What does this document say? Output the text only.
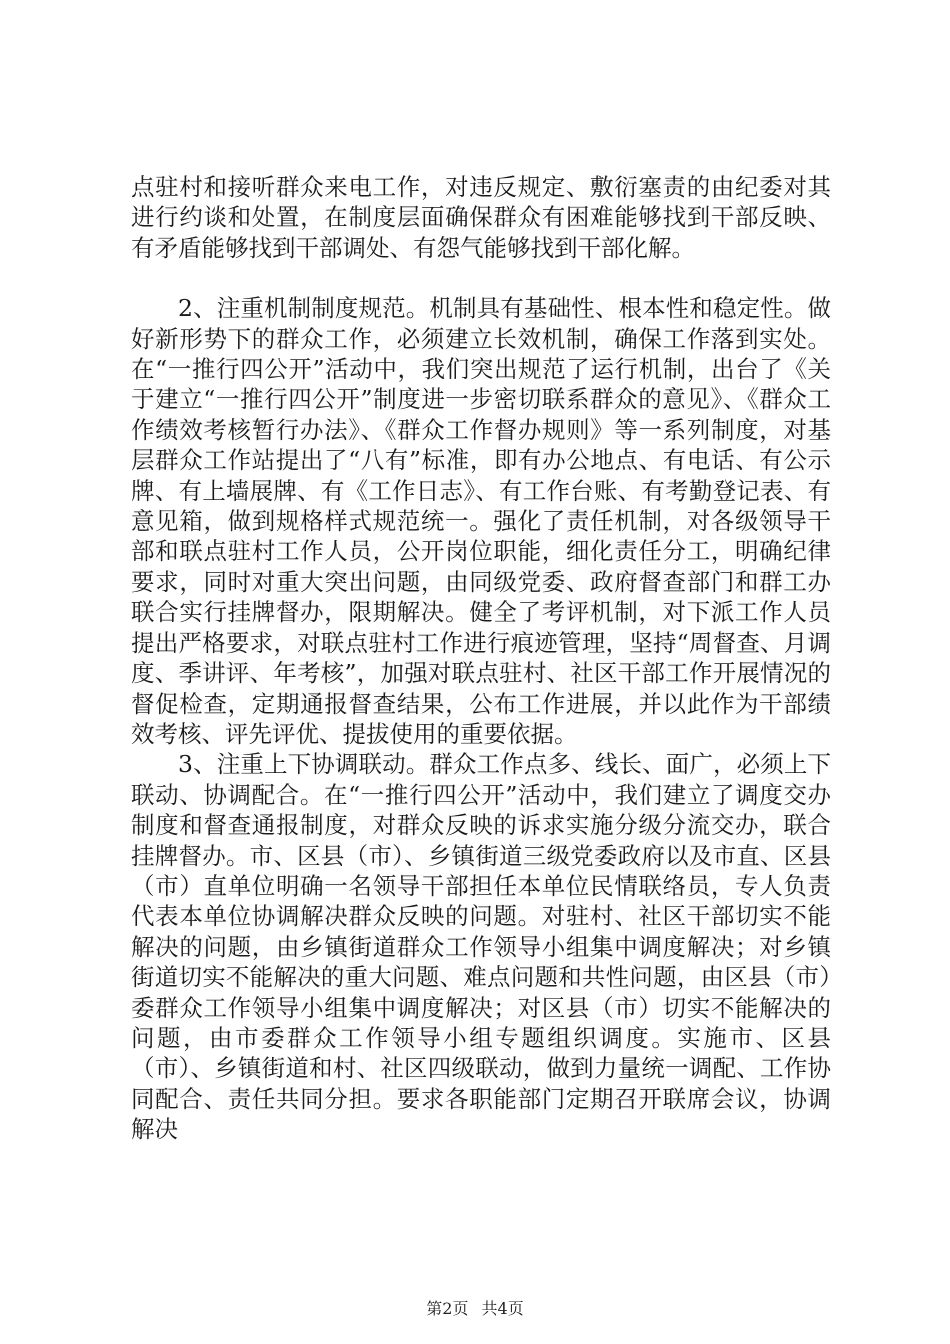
点驻村和接听群众来电工作，对违反规定、敷衍塞责的由纪委对其进行约谈和处置，在制度层面确保群众有困难能够找到干部反映、有矛盾能够找到干部调处、有怨气能够找到干部化解。

2、注重机制制度规范。机制具有基础性、根本性和稳定性。做好新形势下的群众工作，必须建立长效机制，确保工作落到实处。在“一推行四公开”活动中，我们突出规范了运行机制，出台了《关于建立“一推行四公开”制度进一步密切联系群众的意见》、《群众工作绩效考核暂行办法》、《群众工作督办规则》等一系列制度，对基层群众工作站提出了“八有”标准，即有办公地点、有电话、有公示牌、有上墙展牌、有《工作日志》、有工作台账、有考勤登记表、有意见箱，做到规格样式规范统一。强化了责任机制，对各级领导干部和联点驻村工作人员，公开岗位职能，细化责任分工，明确纪律要求，同时对重大突出问题，由同级党委、政府督查部门和群工办联合实行挂牌督办，限期解决。健全了考评机制，对下派工作人员提出严格要求，对联点驻村工作进行痕迹管理，坚持“周督查、月调度、季讲评、年考核”，加强对联点驻村、社区干部工作开展情况的督促检查，定期通报督查结果，公布工作进展，并以此作为干部绩效考核、评先评优、提拔使用的重要依据。

3、注重上下协调联动。群众工作点多、线长、面广，必须上下联动、协调配合。在“一推行四公开”活动中，我们建立了调度交办制度和督查通报制度，对群众反映的诉求实施分级分流交办，联合挂牌督办。市、区县（市）、乡镇街道三级党委政府以及市直、区县（市）直单位明确一名领导干部担任本单位民情联络员，专人负责代表本单位协调解决群众反映的问题。对驻村、社区干部切实不能解决的问题，由乡镇街道群众工作领导小组集中调度解决；对乡镇街道切实不能解决的重大问题、难点问题和共性问题，由区县（市）委群众工作领导小组集中调度解决；对区县（市）切实不能解决的问题，由市委群众工作领导小组专题组织调度。实施市、区县（市）、乡镇街道和村、社区四级联动，做到力量统一调配、工作协同配合、责任共同分担。要求各职能部门定期召开联席会议，协调解决

第2页 共4页
